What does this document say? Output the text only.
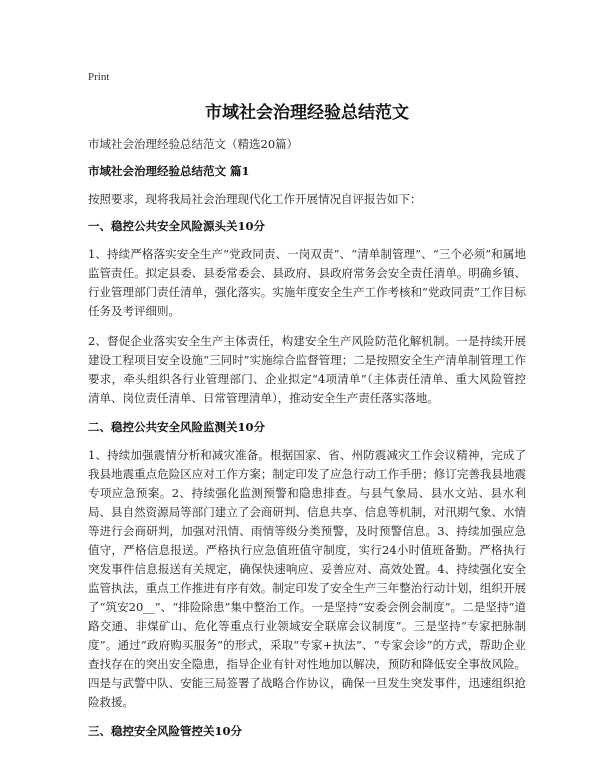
Print
市域社会治理经验总结范文
市域社会治理经验总结范文（精选20篇）
市域社会治理经验总结范文 篇1
按照要求，现将我局社会治理现代化工作开展情况自评报告如下：
一、稳控公共安全风险源头关10分
1、持续严格落实安全生产“党政同责、一岗双责”、“清单制管理”、“三个必须”和属地监管责任。拟定县委、县委常委会、县政府、县政府常务会安全责任清单。明确乡镇、行业管理部门责任清单，强化落实。实施年度安全生产工作考核和“党政同责”工作目标任务及考评细则。
2、督促企业落实安全生产主体责任，构建安全生产风险防范化解机制。一是持续开展建设工程项目安全设施“三同时”实施综合监督管理；二是按照安全生产清单制管理工作要求，牵头组织各行业管理部门、企业拟定“4项清单”（主体责任清单、重大风险管控清单、岗位责任清单、日常管理清单），推动安全生产责任落实落地。
二、稳控公共安全风险监测关10分
1、持续加强震情分析和减灾准备。根据国家、省、州防震减灾工作会议精神，完成了我县地震重点危险区应对工作方案；制定印发了应急行动工作手册；修订完善我县地震专项应急预案。2、持续强化监测预警和隐患排查。与县气象局、县水文站、县水利局、县自然资源局等部门建立了会商研判、信息共享、信息等机制，对汛期气象、水情等进行会商研判，加强对汛情、雨情等级分类预警，及时预警信息。3、持续加强应急值守，严格信息报送。严格执行应急值班值守制度，实行24小时值班备勤。严格执行突发事件信息报送有关规定，确保快速响应、妥善应对、高效处置。4、持续强化安全监管执法，重点工作推进有序有效。制定印发了安全生产三年整治行动计划，组织开展了“筑安20__”、“排险除患”集中整治工作。一是坚持“安委会例会制度”。二是坚持“道路交通、非煤矿山、危化等重点行业领域安全联席会议制度”。三是坚持“专家把脉制度”。通过“政府购买服务”的形式，采取“专家+执法”、“专家会诊”的方式，帮助企业查找存在的突出安全隐患，指导企业有针对性地加以解决，预防和降低安全事故风险。四是与武警中队、安能三局签署了战略合作协议，确保一旦发生突发事件，迅速组织抢险救援。
三、稳控安全风险管控关10分
